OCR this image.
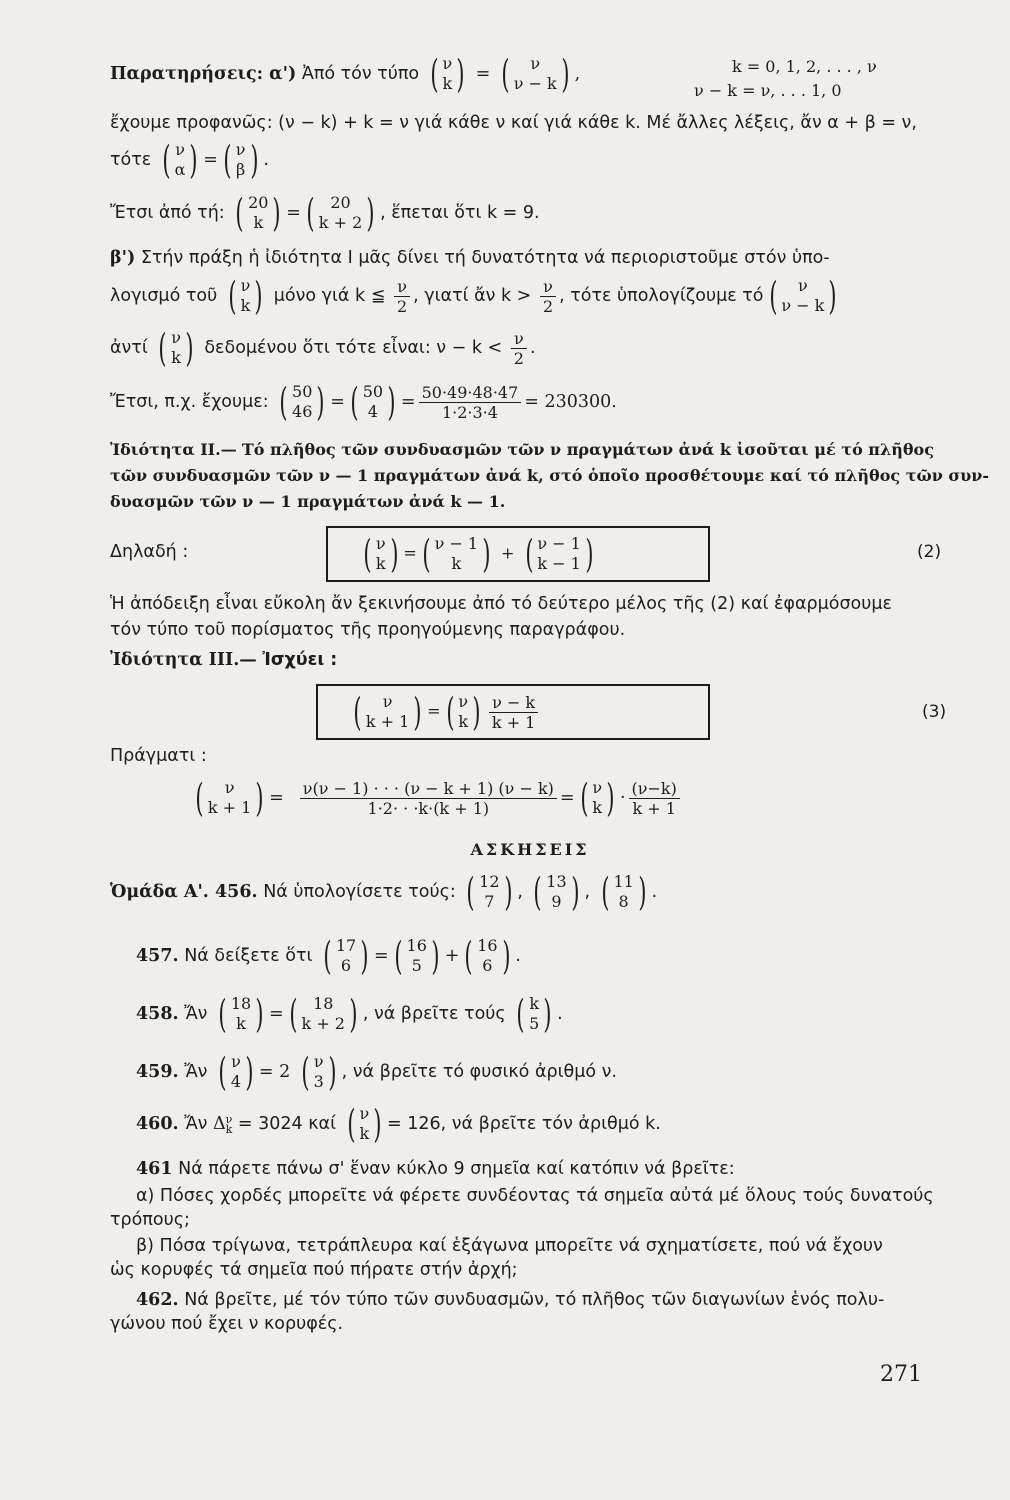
Παρατηρήσεις: α') Ἀπό τόν τύπο ( ν
k ) = ( ν
ν − k ) ,	k = 0, 1, 2, . . . , ν
ν − k = ν, . . . 1, 0
ἔχουμε προφανῶς: (ν − k) + k = ν γιά κάθε ν καί γιά κάθε k. Μέ ἄλλες λέξεις, ἄν α + β = ν,
τότε ( ν
α ) = ( ν
β ) .
Ἔτσι ἀπό τή: ( 20
k ) = ( 20
k + 2 ) , ἕπεται ὅτι k = 9.
β') Στήν πράξη ἡ ἰδιότητα Ι μᾶς δίνει τή δυνατότητα νά περιοριστοῦμε στόν ὑπο-
λογισμό τοῦ ( ν
k ) μόνο γιά k ≦ $\frac{\nu}{2}$ , γιατί ἄν $k > \frac{\nu}{2}$ , τότε ὑπολογίζουμε τό ( ν
ν − k )
ἀντί ( ν
k ) δεδομένου ὅτι τότε εἶναι: $\nu - k < \frac{\nu}{2}$ .
Ἔτσι, π.χ. ἔχουμε: ( 50
46 ) = ( 50
4 ) = $\frac{50\cdot 49\cdot 48\cdot 47}{1\cdot 2\cdot 3\cdot 4} = 230300$.
Ἰδιότητα ΙΙ.— Τό πλῆθος τῶν συνδυασμῶν τῶν ν πραγμάτων ἀνά k ἰσοῦται μέ τό πλῆθος
τῶν συνδυασμῶν τῶν ν — 1 πραγμάτων ἀνά k, στό ὁποῖο προσθέτουμε καί τό πλῆθος τῶν συν-
δυασμῶν τῶν ν — 1 πραγμάτων ἀνά k — 1.
Δηλαδή :	( ν
k ) = ( ν − 1
k ) + ( ν − 1
k − 1 )	(2)
Ἡ ἀπόδειξη εἶναι εὔκολη ἄν ξεκινήσουμε ἀπό τό δεύτερο μέλος τῆς (2) καί ἐφαρμόσουμε
τόν τύπο τοῦ πορίσματος τῆς προηγούμενης παραγράφου.
Ἰδιότητα ΙΙΙ.— Ἰσχύει :
( ν
k + 1 ) = ( ν
k ) $\frac{\nu - k}{k + 1}$	(3)
Πράγματι :
( ν
k + 1 ) = $\frac{\nu(\nu - 1) \cdot \cdot \cdot (\nu - k + 1) (\nu - k)}{1\cdot 2\cdot \cdot \cdot k\cdot(k + 1)}$ = ( ν
k ) · $\frac{(\nu-k)}{k + 1}$
ΑΣΚΗΣΕΙΣ
Ὁμάδα Α'. 456. Νά ὑπολογίσετε τούς: ( 12
7 ) , ( 13
9 ) , ( 11
8 ) .
457. Νά δείξετε ὅτι ( 17
6 ) = ( 16
5 ) + ( 16
6 ) .
458. Ἄν ( 18
k ) = ( 18
k + 2 ) , νά βρεῖτε τούς ( k
5 ) .
459. Ἄν ( ν
4 ) = 2 ( ν
3 ) , νά βρεῖτε τό φυσικό ἀριθμό ν.
460. Ἄν Δ ν
k = 3024 καί ( ν
k ) = 126, νά βρεῖτε τόν ἀριθμό k.
461 Νά πάρετε πάνω σ' ἕναν κύκλο 9 σημεῖα καί κατόπιν νά βρεῖτε:
α) Πόσες χορδές μπορεῖτε νά φέρετε συνδέοντας τά σημεῖα αὐτά μέ ὅλους τούς δυνατούς
τρόπους;
β) Πόσα τρίγωνα, τετράπλευρα καί ἑξάγωνα μπορεῖτε νά σχηματίσετε, πού νά ἔχουν
ὡς κορυφές τά σημεῖα πού πήρατε στήν ἀρχή;
462. Νά βρεῖτε, μέ τόν τύπο τῶν συνδυασμῶν, τό πλῆθος τῶν διαγωνίων ἑνός πολυ-
γώνου πού ἔχει ν κορυφές.
271
